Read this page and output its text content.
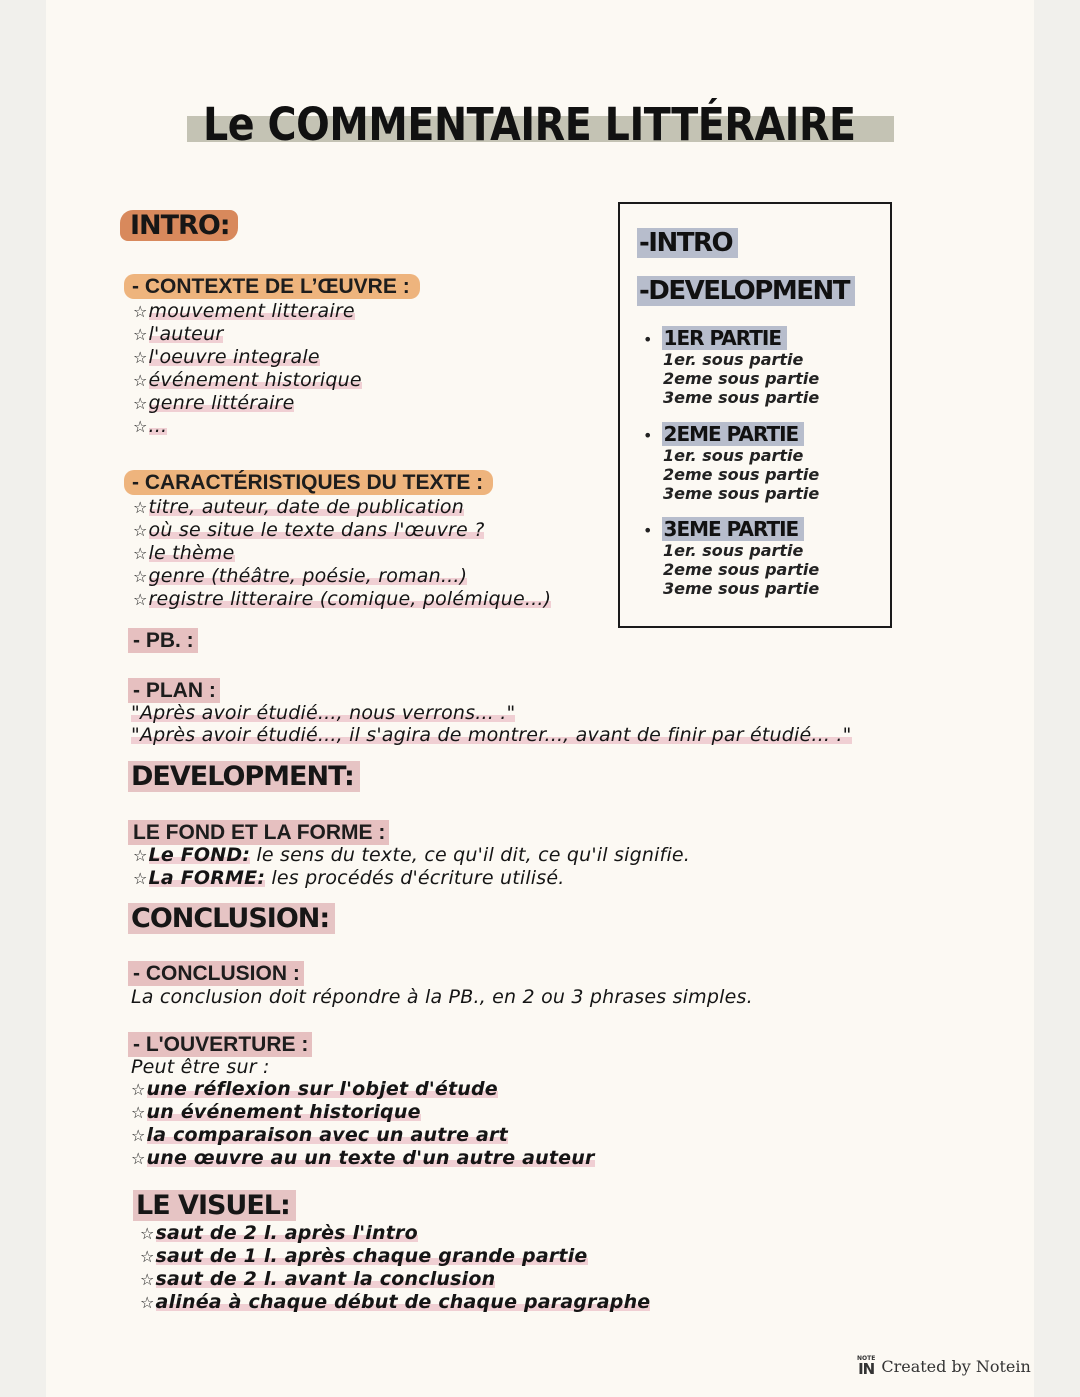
Le COMMENTAIRE LITTÉRAIRE
INTRO:
- CONTEXTE DE L’ŒUVRE :
☆mouvement litteraire
☆l'auteur
☆l'oeuvre integrale
☆événement historique
☆genre littéraire
☆...
- CARACTÉRISTIQUES DU TEXTE :
☆titre, auteur, date de publication
☆où se situe le texte dans l'œuvre ?
☆le thème
☆genre (théâtre, poésie, roman...)
☆registre litteraire (comique, polémique...)
- PB. :
- PLAN :
"Après avoir étudié..., nous verrons... ."
"Après avoir étudié..., il s'agira de montrer..., avant de finir par étudié... ."
-INTRO
-DEVELOPMENT
• 1ER PARTIE
1er. sous partie
2eme sous partie
3eme sous partie
• 2EME PARTIE
1er. sous partie
2eme sous partie
3eme sous partie
• 3EME PARTIE
1er. sous partie
2eme sous partie
3eme sous partie
DEVELOPMENT:
LE FOND ET LA FORME :
☆Le FOND: le sens du texte, ce qu'il dit, ce qu'il signifie.
☆La FORME: les procédés d'écriture utilisé.
CONCLUSION:
- CONCLUSION :
La conclusion doit répondre à la PB., en 2 ou 3 phrases simples.
- L'OUVERTURE :
Peut être sur :
☆une réflexion sur l'objet d'étude
☆un événement historique
☆la comparaison avec un autre art
☆une œuvre au un texte d'un autre auteur
LE VISUEL:
☆saut de 2 l. après l'intro
☆saut de 1 l. après chaque grande partie
☆saut de 2 l. avant la conclusion
☆alinéa à chaque début de chaque paragraphe
NOTE
IN Created by Notein
